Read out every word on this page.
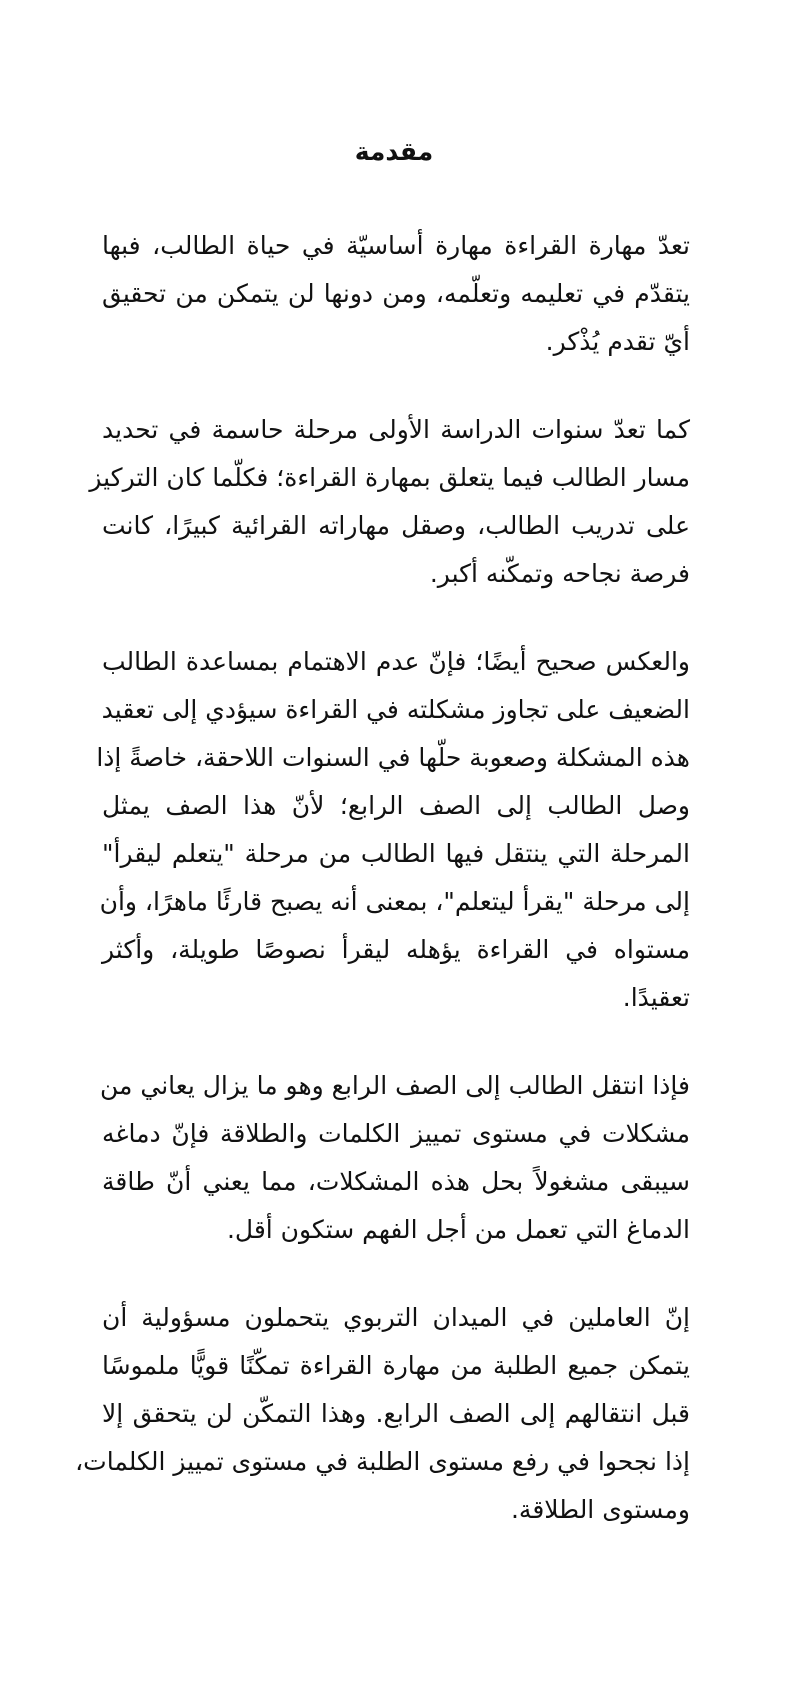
مقدمة

تعدّ مهارة القراءة مهارة أساسيّة في حياة الطالب، فبها
يتقدّم في تعليمه وتعلّمه، ومن دونها لن يتمكن من تحقيق
أيّ تقدم يُذْكر.

كما تعدّ سنوات الدراسة الأولى مرحلة حاسمة في تحديد
مسار الطالب فيما يتعلق بمهارة القراءة؛ فكلّما كان التركيز
على تدريب الطالب، وصقل مهاراته القرائية كبيرًا، كانت
فرصة نجاحه وتمكّنه أكبر.

والعكس صحيح أيضًا؛ فإنّ عدم الاهتمام بمساعدة الطالب
الضعيف على تجاوز مشكلته في القراءة سيؤدي إلى تعقيد
هذه المشكلة وصعوبة حلّها في السنوات اللاحقة، خاصةً إذا
وصل الطالب إلى الصف الرابع؛ لأنّ هذا الصف يمثل
المرحلة التي ينتقل فيها الطالب من مرحلة "يتعلم ليقرأ"
إلى مرحلة "يقرأ ليتعلم"، بمعنى أنه يصبح قارئًا ماهرًا، وأن
مستواه في القراءة يؤهله ليقرأ نصوصًا طويلة، وأكثر
تعقيدًا.

فإذا انتقل الطالب إلى الصف الرابع وهو ما يزال يعاني من
مشكلات في مستوى تمييز الكلمات والطلاقة فإنّ دماغه
سيبقى مشغولاً بحل هذه المشكلات، مما يعني أنّ طاقة
الدماغ التي تعمل من أجل الفهم ستكون أقل.

إنّ العاملين في الميدان التربوي يتحملون مسؤولية أن
يتمكن جميع الطلبة من مهارة القراءة تمكّنًا قويًّا ملموسًا
قبل انتقالهم إلى الصف الرابع. وهذا التمكّن لن يتحقق إلا
إذا نجحوا في رفع مستوى الطلبة في مستوى تمييز الكلمات،
ومستوى الطلاقة.
